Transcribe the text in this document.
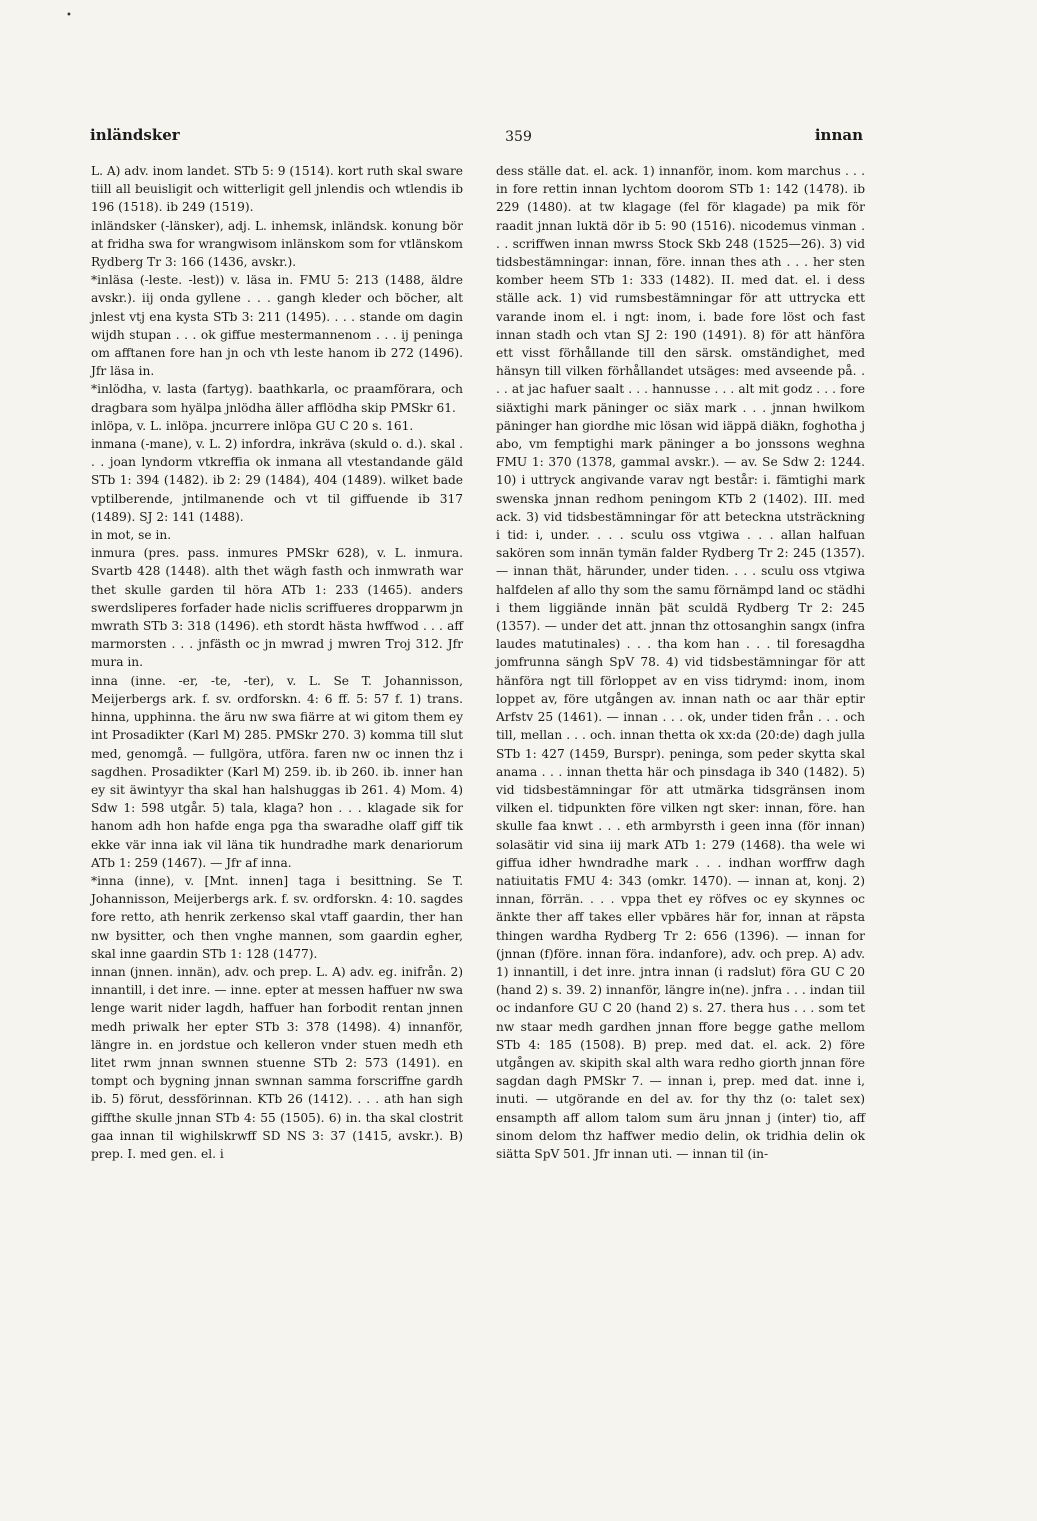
•
inländsker	359	innan

L. A) adv. inom landet. STb 5: 9 (1514). kort ruth skal sware tiill all beuisligit och witterligit gell jnlendis och wtlendis ib 196 (1518). ib 249 (1519).

inländsker (-länsker), adj. L. inhemsk, inländsk. konung bör at fridha swa for wrangwisom inlänskom som for vtlänskom Rydberg Tr 3: 166 (1436, avskr.).

*inläsa (-leste. -lest)) v. läsa in. FMU 5: 213 (1488, äldre avskr.). iij onda gyllene . . . gangh kleder och böcher, alt jnlest vtj ena kysta STb 3: 211 (1495). . . . stande om dagin wijdh stupan . . . ok giffue mestermannenom . . . ij peninga om afftanen fore han jn och vth leste hanom ib 272 (1496). Jfr läsa in.

*inlödha, v. lasta (fartyg). baathkarla, oc praamförara, och dragbara som hyälpa jnlödha äller afflödha skip PMSkr 61.

inlöpa, v. L. inlöpa. jncurrere inlöpa GU C 20 s. 161.

inmana (-mane), v. L. 2) infordra, inkräva (skuld o. d.). skal . . . joan lyndorm vtkreffia ok inmana all vtestandande gäld STb 1: 394 (1482). ib 2: 29 (1484), 404 (1489). wilket bade vptilberende, jntilmanende och vt til giffuende ib 317 (1489). SJ 2: 141 (1488).

in mot, se in.

inmura (pres. pass. inmures PMSkr 628), v. L. inmura. Svartb 428 (1448). alth thet wägh fasth och inmwrath war thet skulle garden til höra ATb 1: 233 (1465). anders swerdsliperes forfader hade niclis scriffueres dropparwm jn mwrath STb 3: 318 (1496). eth stordt hästa hwffwod . . . aff marmorsten . . . jnfästh oc jn mwrad j mwren Troj 312. Jfr mura in.

inna (inne. -er, -te, -ter), v. L. Se T. Johannisson, Meijerbergs ark. f. sv. ordforskn. 4: 6 ff. 5: 57 f. 1) trans. hinna, upphinna. the äru nw swa fiärre at wi gitom them ey int Prosadikter (Karl M) 285. PMSkr 270. 3) komma till slut med, genomgå. — fullgöra, utföra. faren nw oc innen thz i sagdhen. Prosadikter (Karl M) 259. ib. ib 260. ib. inner han ey sit äwintyyr tha skal han halshuggas ib 261. 4) Mom. 4) Sdw 1: 598 utgår. 5) tala, klaga? hon . . . klagade sik for hanom adh hon hafde enga pga tha swaradhe olaff giff tik ekke vär inna iak vil läna tik hundradhe mark denariorum ATb 1: 259 (1467). — Jfr af inna.

*inna (inne), v. [Mnt. innen] taga i besittning. Se T. Johannisson, Meijerbergs ark. f. sv. ordforskn. 4: 10. sagdes fore retto, ath henrik zerkenso skal vtaff gaardin, ther han nw bysitter, och then vnghe mannen, som gaardin egher, skal inne gaardin STb 1: 128 (1477).

innan (jnnen. innän), adv. och prep. L. A) adv. eg. inifrån. 2) innantill, i det inre. — inne. epter at messen haffuer nw swa lenge warit nider lagdh, haffuer han forbodit rentan jnnen medh priwalk her epter STb 3: 378 (1498). 4) innanför, längre in. en jordstue och kelleron vnder stuen medh eth litet rwm jnnan swnnen stuenne STb 2: 573 (1491). en tompt och bygning jnnan swnnan samma forscriffne gardh ib. 5) förut, dessförinnan. KTb 26 (1412). . . . ath han sigh giffthe skulle jnnan STb 4: 55 (1505). 6) in. tha skal clostrit gaa innan til wighilskrwff SD NS 3: 37 (1415, avskr.). B) prep. I. med gen. el. i

dess ställe dat. el. ack. 1) innanför, inom. kom marchus . . . in fore rettin innan lychtom doorom STb 1: 142 (1478). ib 229 (1480). at tw klagage (fel för klagade) pa mik för raadit jnnan luktä dör ib 5: 90 (1516). nicodemus vinman . . . scriffwen innan mwrss Stock Skb 248 (1525—26). 3) vid tidsbestämningar: innan, före. innan thes ath . . . her sten komber heem STb 1: 333 (1482). II. med dat. el. i dess ställe ack. 1) vid rumsbestämningar för att uttrycka ett varande inom el. i ngt: inom, i. bade fore löst och fast innan stadh och vtan SJ 2: 190 (1491). 8) för att hänföra ett visst förhållande till den särsk. omständighet, med hänsyn till vilken förhållandet utsäges: med avseende på. . . . at jac hafuer saalt . . . hannusse . . . alt mit godz . . . fore siäxtighi mark päninger oc siäx mark . . . jnnan hwilkom päninger han giordhe mic lösan wid iäppä diäkn, foghotha j abo, vm femptighi mark päninger a bo jonssons weghna FMU 1: 370 (1378, gammal avskr.). — av. Se Sdw 2: 1244. 10) i uttryck angivande varav ngt består: i. fämtighi mark swenska jnnan redhom peningom KTb 2 (1402). III. med ack. 3) vid tidsbestämningar för att beteckna utsträckning i tid: i, under. . . . sculu oss vtgiwa . . . allan halfuan sakören som innän tymän falder Rydberg Tr 2: 245 (1357). — innan thät, härunder, under tiden. . . . sculu oss vtgiwa halfdelen af allo thy som the samu förnämpd land oc städhi i them liggiände innän þät sculdä Rydberg Tr 2: 245 (1357). — under det att. jnnan thz ottosanghin sangx (infra laudes matutinales) . . . tha kom han . . . til foresagdha jomfrunna sängh SpV 78. 4) vid tidsbestämningar för att hänföra ngt till förloppet av en viss tidrymd: inom, inom loppet av, före utgången av. innan nath oc aar thär eptir Arfstv 25 (1461). — innan . . . ok, under tiden från . . . och till, mellan . . . och. innan thetta ok xx:da (20:de) dagh julla STb 1: 427 (1459, Burspr). peninga, som peder skytta skal anama . . . innan thetta här och pinsdaga ib 340 (1482). 5) vid tidsbestämningar för att utmärka tidsgränsen inom vilken el. tidpunkten före vilken ngt sker: innan, före. han skulle faa knwt . . . eth armbyrsth i geen inna (för innan) solasätir vid sina iij mark ATb 1: 279 (1468). tha wele wi giffua idher hwndradhe mark . . . indhan worffrw dagh natiuitatis FMU 4: 343 (omkr. 1470). — innan at, konj. 2) innan, förrän. . . . vppa thet ey röfves oc ey skynnes oc änkte ther aff takes eller vpbäres här for, innan at räpsta thingen wardha Rydberg Tr 2: 656 (1396). — innan for (jnnan (f)före. innan föra. indanfore), adv. och prep. A) adv. 1) innantill, i det inre. jntra innan (i radslut) föra GU C 20 (hand 2) s. 39. 2) innanför, längre in(ne). jnfra . . . indan tiil oc indanfore GU C 20 (hand 2) s. 27. thera hus . . . som tet nw staar medh gardhen jnnan ffore begge gathe mellom STb 4: 185 (1508). B) prep. med dat. el. ack. 2) före utgången av. skipith skal alth wara redho giorth jnnan före sagdan dagh PMSkr 7. — innan i, prep. med dat. inne i, inuti. — utgörande en del av. for thy thz (o: talet sex) ensampth aff allom talom sum äru jnnan j (inter) tio, aff sinom delom thz haffwer medio delin, ok tridhia delin ok siätta SpV 501. Jfr innan uti. — innan til (in-
